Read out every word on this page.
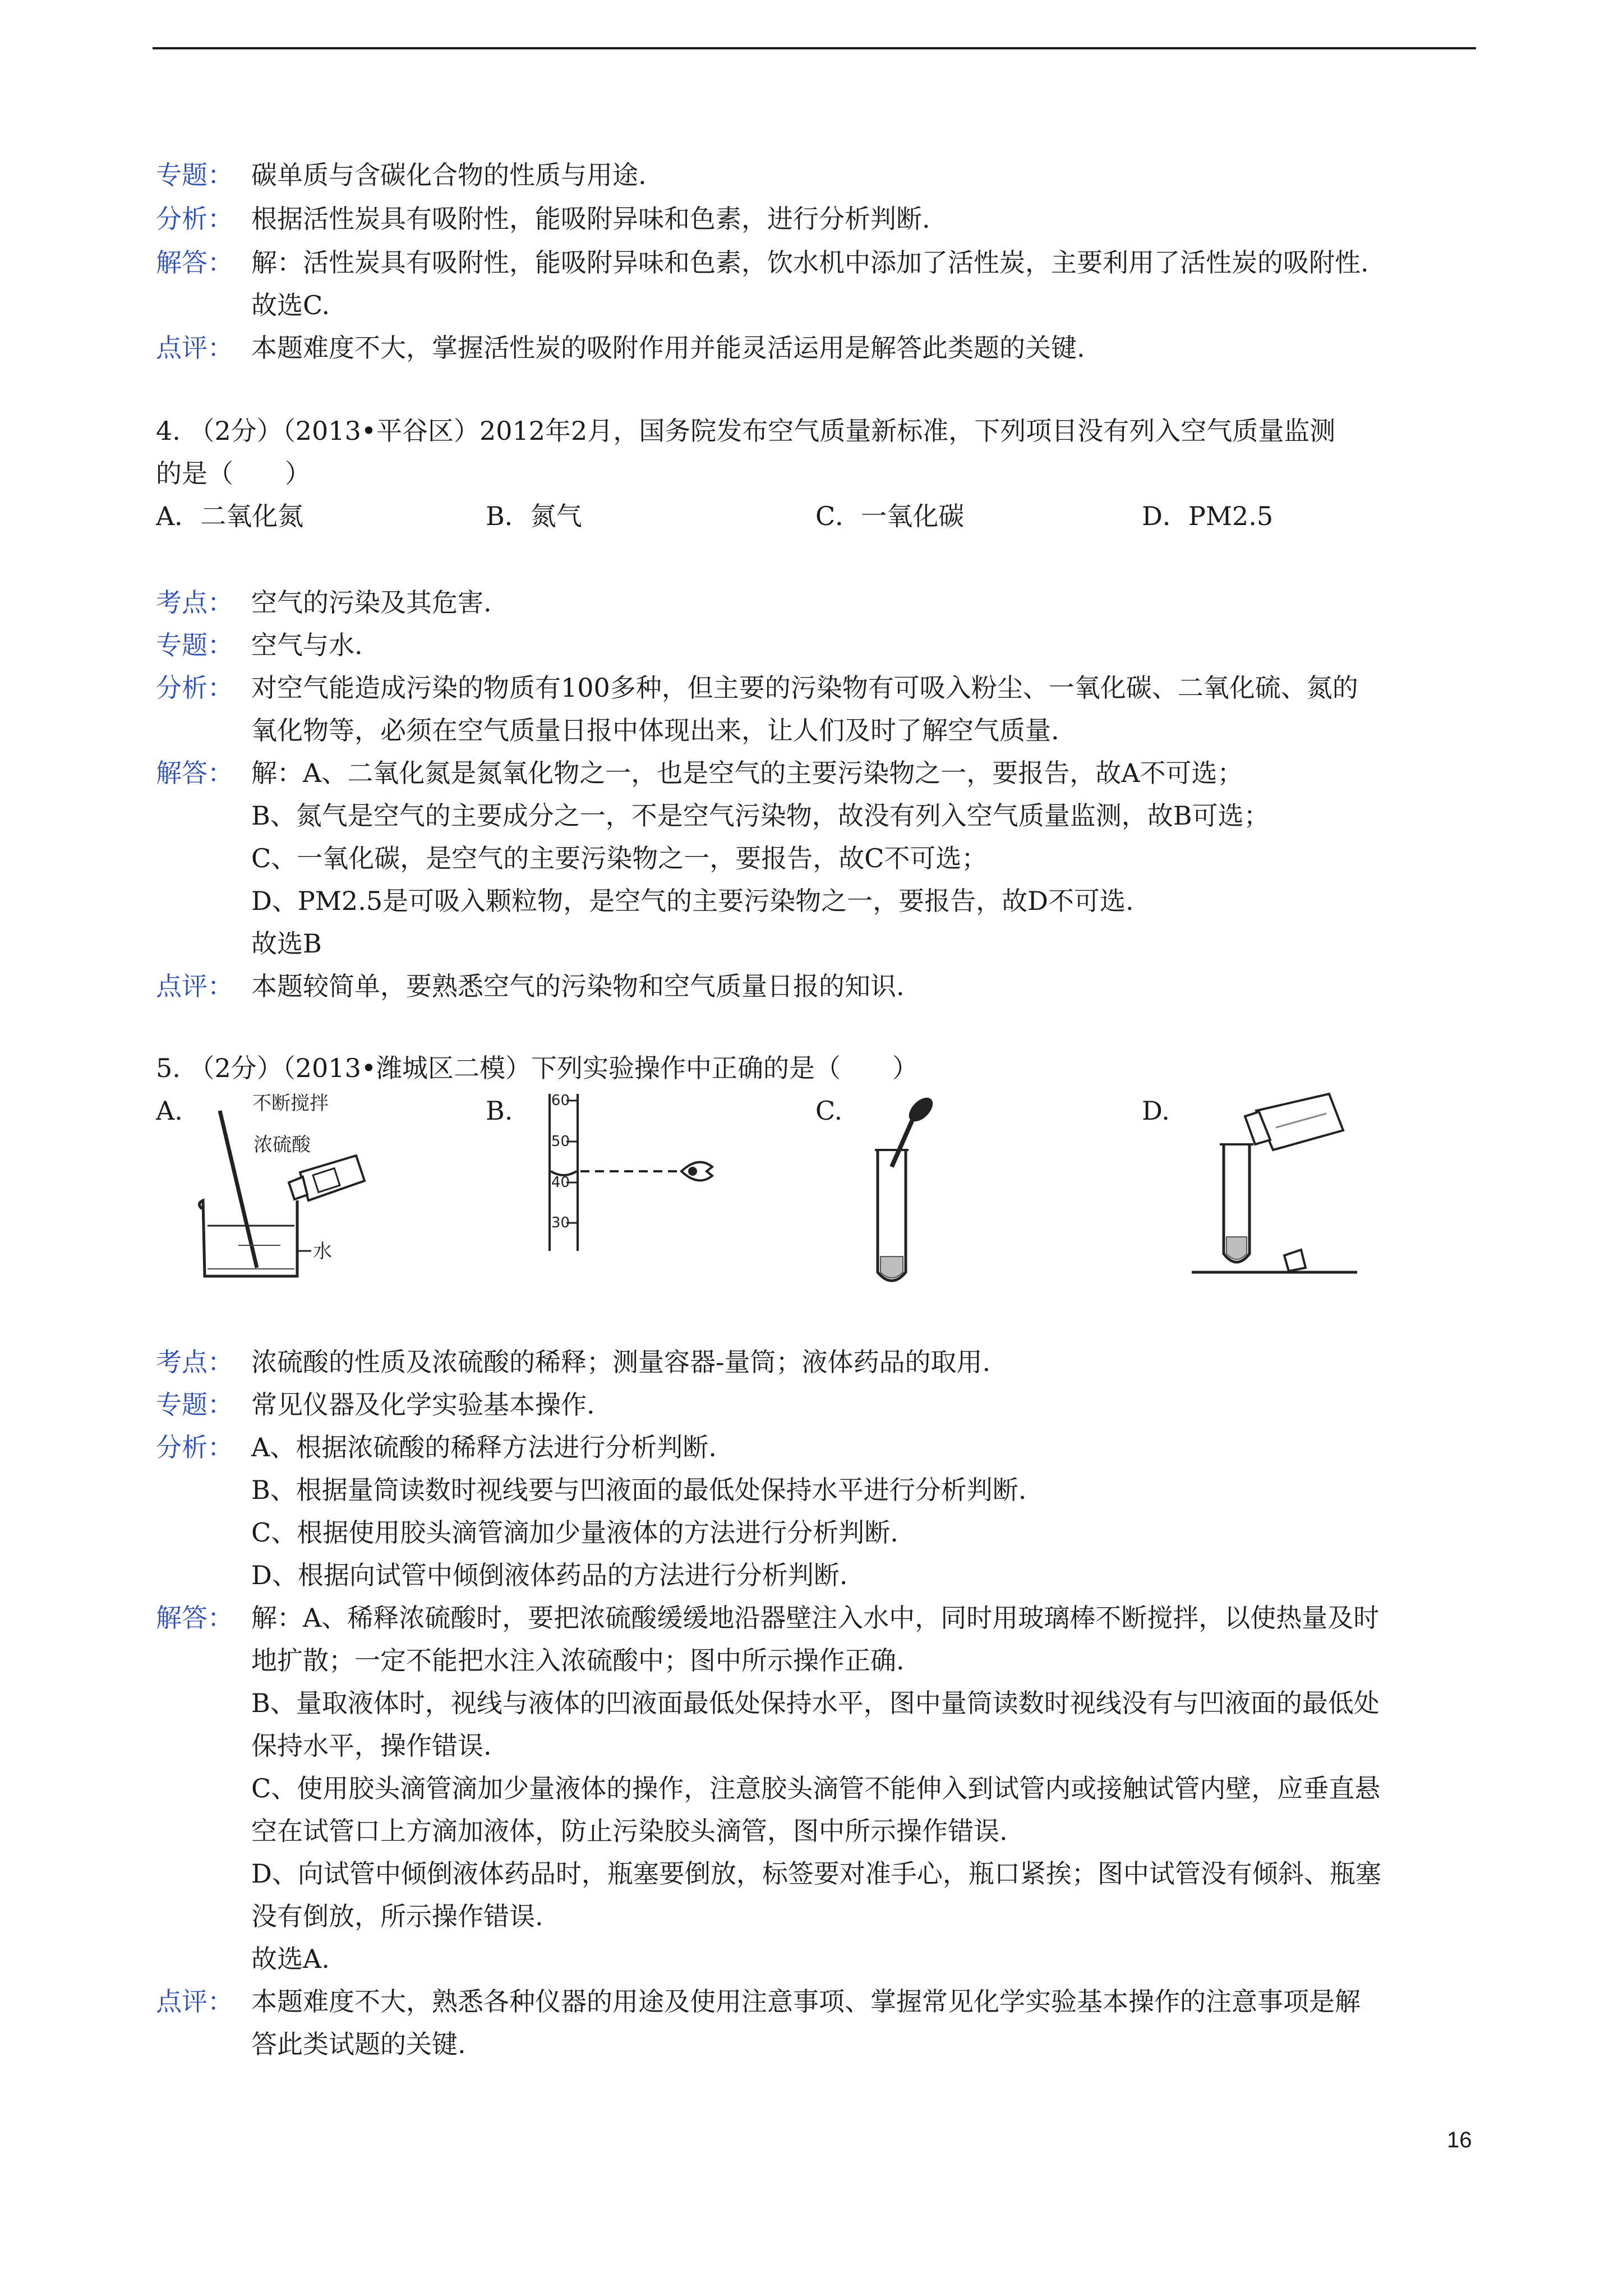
专题： 碳单质与含碳化合物的性质与用途.
分析： 根据活性炭具有吸附性，能吸附异味和色素，进行分析判断.
解答： 解：活性炭具有吸附性，能吸附异味和色素，饮水机中添加了活性炭，主要利用了活性炭的吸附性.
故选C.
点评： 本题难度不大，掌握活性炭的吸附作用并能灵活运用是解答此类题的关键.
4. （2分）（2013•平谷区）2012年2月，国务院发布空气质量新标准，下列项目没有列入空气质量监测
的是（　　）
A．二氧化氮	B．氮气	C．一氧化碳	D．PM2.5
考点： 空气的污染及其危害.
专题： 空气与水.
分析： 对空气能造成污染的物质有100多种，但主要的污染物有可吸入粉尘、一氧化碳、二氧化硫、氮的
氧化物等，必须在空气质量日报中体现出来，让人们及时了解空气质量.
解答： 解：A、二氧化氮是氮氧化物之一，也是空气的主要污染物之一，要报告，故A不可选；
B、氮气是空气的主要成分之一，不是空气污染物，故没有列入空气质量监测，故B可选；
C、一氧化碳，是空气的主要污染物之一，要报告，故C不可选；
D、PM2.5是可吸入颗粒物，是空气的主要污染物之一，要报告，故D不可选.
故选B
点评： 本题较简单，要熟悉空气的污染物和空气质量日报的知识.
5. （2分）（2013•潍城区二模）下列实验操作中正确的是（　　）
A.	B.	C.	D.
不断搅拌
浓硫酸
水
60
50
40
30
考点： 浓硫酸的性质及浓硫酸的稀释；测量容器-量筒；液体药品的取用.
专题： 常见仪器及化学实验基本操作.
分析： A、根据浓硫酸的稀释方法进行分析判断.
B、根据量筒读数时视线要与凹液面的最低处保持水平进行分析判断.
C、根据使用胶头滴管滴加少量液体的方法进行分析判断.
D、根据向试管中倾倒液体药品的方法进行分析判断.
解答： 解：A、稀释浓硫酸时，要把浓硫酸缓缓地沿器壁注入水中，同时用玻璃棒不断搅拌，以使热量及时
地扩散；一定不能把水注入浓硫酸中；图中所示操作正确.
B、量取液体时，视线与液体的凹液面最低处保持水平，图中量筒读数时视线没有与凹液面的最低处
保持水平，操作错误.
C、使用胶头滴管滴加少量液体的操作，注意胶头滴管不能伸入到试管内或接触试管内壁，应垂直悬
空在试管口上方滴加液体，防止污染胶头滴管，图中所示操作错误.
D、向试管中倾倒液体药品时，瓶塞要倒放，标签要对准手心，瓶口紧挨；图中试管没有倾斜、瓶塞
没有倒放，所示操作错误.
故选A.
点评： 本题难度不大，熟悉各种仪器的用途及使用注意事项、掌握常见化学实验基本操作的注意事项是解
答此类试题的关键.
16
